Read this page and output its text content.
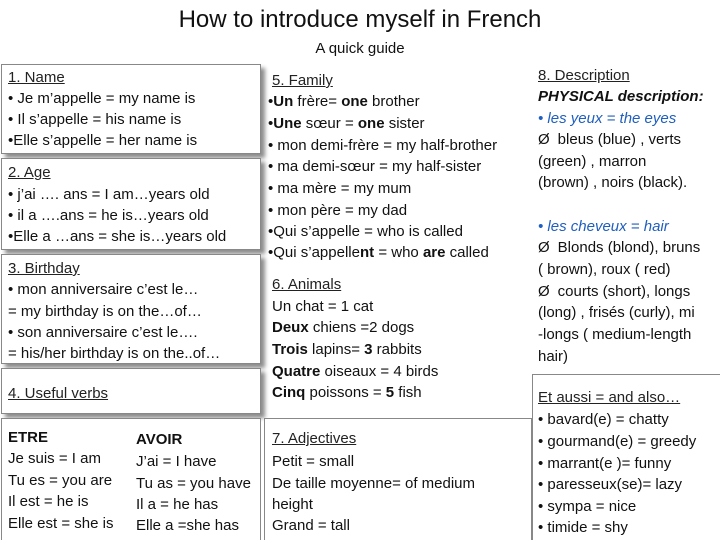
How to introduce myself in French
A quick guide
1. Name
• Je m’appelle = my name is
• Il s’appelle = his name is
•Elle s’appelle = her name is
2. Age
• j’ai …. ans = I am…years old
• il a ….ans = he is…years old
•Elle a …ans = she is…years old
3. Birthday
• mon anniversaire c’est le…
= my birthday is on the…of…
• son anniversaire c’est le….
= his/her birthday is on the..of…
4. Useful verbs
ETRE
Je suis = I am
Tu es = you are
Il est = he is
Elle est = she is
AVOIR
J’ai = I have
Tu as = you have
Il a = he has
Elle a =she has
5. Family
•Un frère= one brother
•Une sœur = one sister
• mon demi-frère = my half-brother
• ma demi-sœur = my half-sister
• ma mère = my mum
• mon père = my dad
•Qui s’appelle = who is called
•Qui s’appellent = who are called
6. Animals
Un chat = 1 cat
Deux chiens =2 dogs
Trois lapins= 3 rabbits
Quatre oiseaux = 4 birds
Cinq poissons = 5 fish
7. Adjectives
Petit = small
De taille moyenne= of medium
height
Grand = tall
8. Description
PHYSICAL description:
• les yeux = the eyes
Ø bleus (blue) , verts
(green) , marron
(brown) , noirs (black).
• les cheveux = hair
Ø Blonds (blond), bruns
( brown), roux ( red)
Ø courts (short), longs
(long) , frisés (curly), mi
-longs ( medium-length
hair)
Et aussi = and also…
• bavard(e) = chatty
• gourmand(e) = greedy
• marrant(e )= funny
• paresseux(se)= lazy
• sympa = nice
• timide = shy
